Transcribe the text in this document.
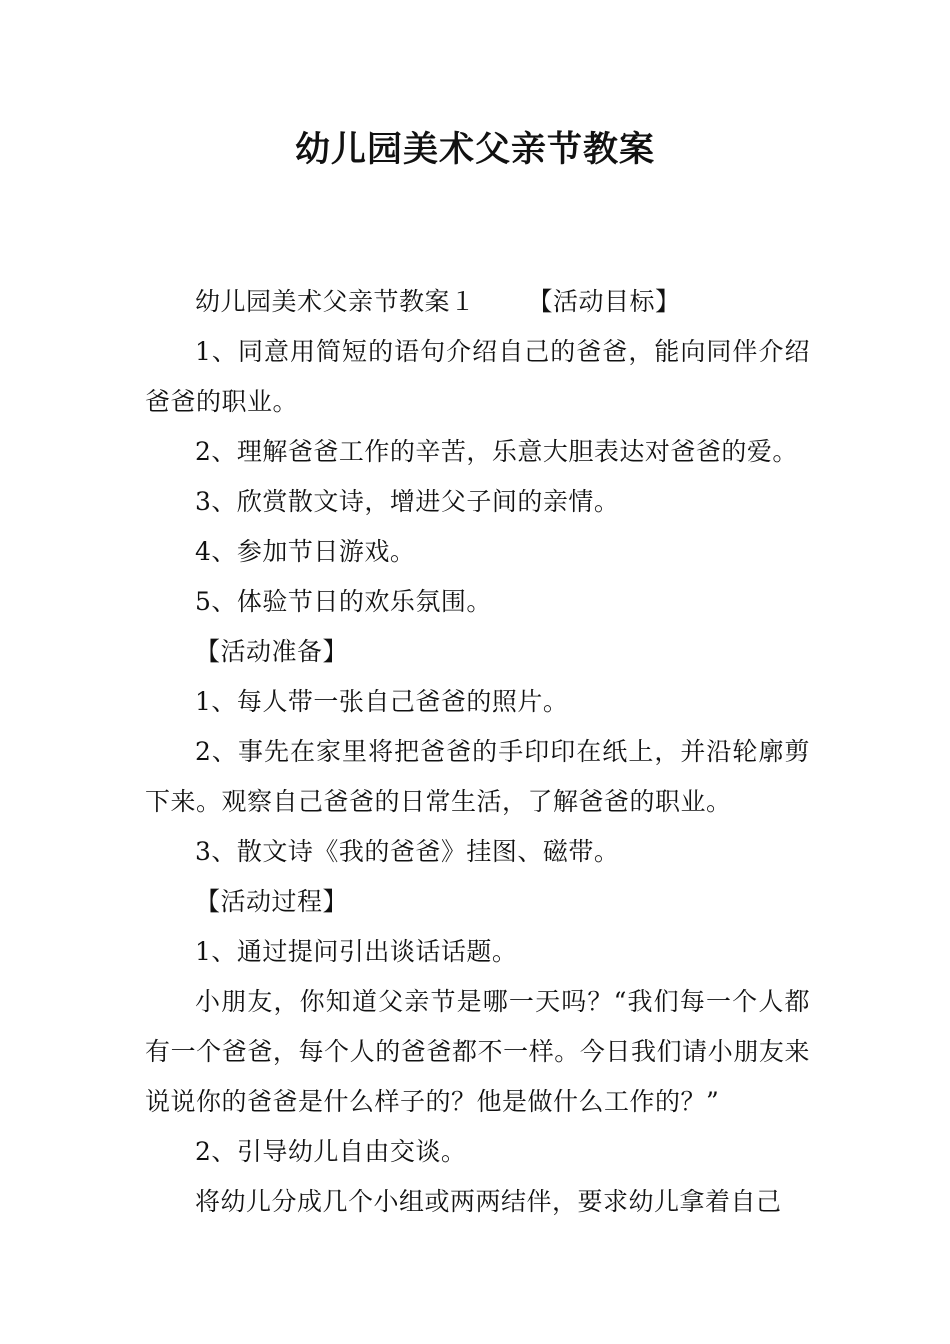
幼儿园美术父亲节教案

幼儿园美术父亲节教案１ 【活动目标】

1、同意用简短的语句介绍自己的爸爸，能向同伴介绍爸爸的职业。

2、理解爸爸工作的辛苦，乐意大胆表达对爸爸的爱。

3、欣赏散文诗，增进父子间的亲情。

4、参加节日游戏。

5、体验节日的欢乐氛围。

【活动准备】

1、每人带一张自己爸爸的照片。

2、事先在家里将把爸爸的手印印在纸上，并沿轮廓剪下来。观察自己爸爸的日常生活，了解爸爸的职业。

3、散文诗《我的爸爸》挂图、磁带。

【活动过程】

1、通过提问引出谈话话题。

小朋友，你知道父亲节是哪一天吗？“我们每一个人都有一个爸爸，每个人的爸爸都不一样。今日我们请小朋友来说说你的爸爸是什么样子的？他是做什么工作的？”

2、引导幼儿自由交谈。

将幼儿分成几个小组或两两结伴，要求幼儿拿着自己
